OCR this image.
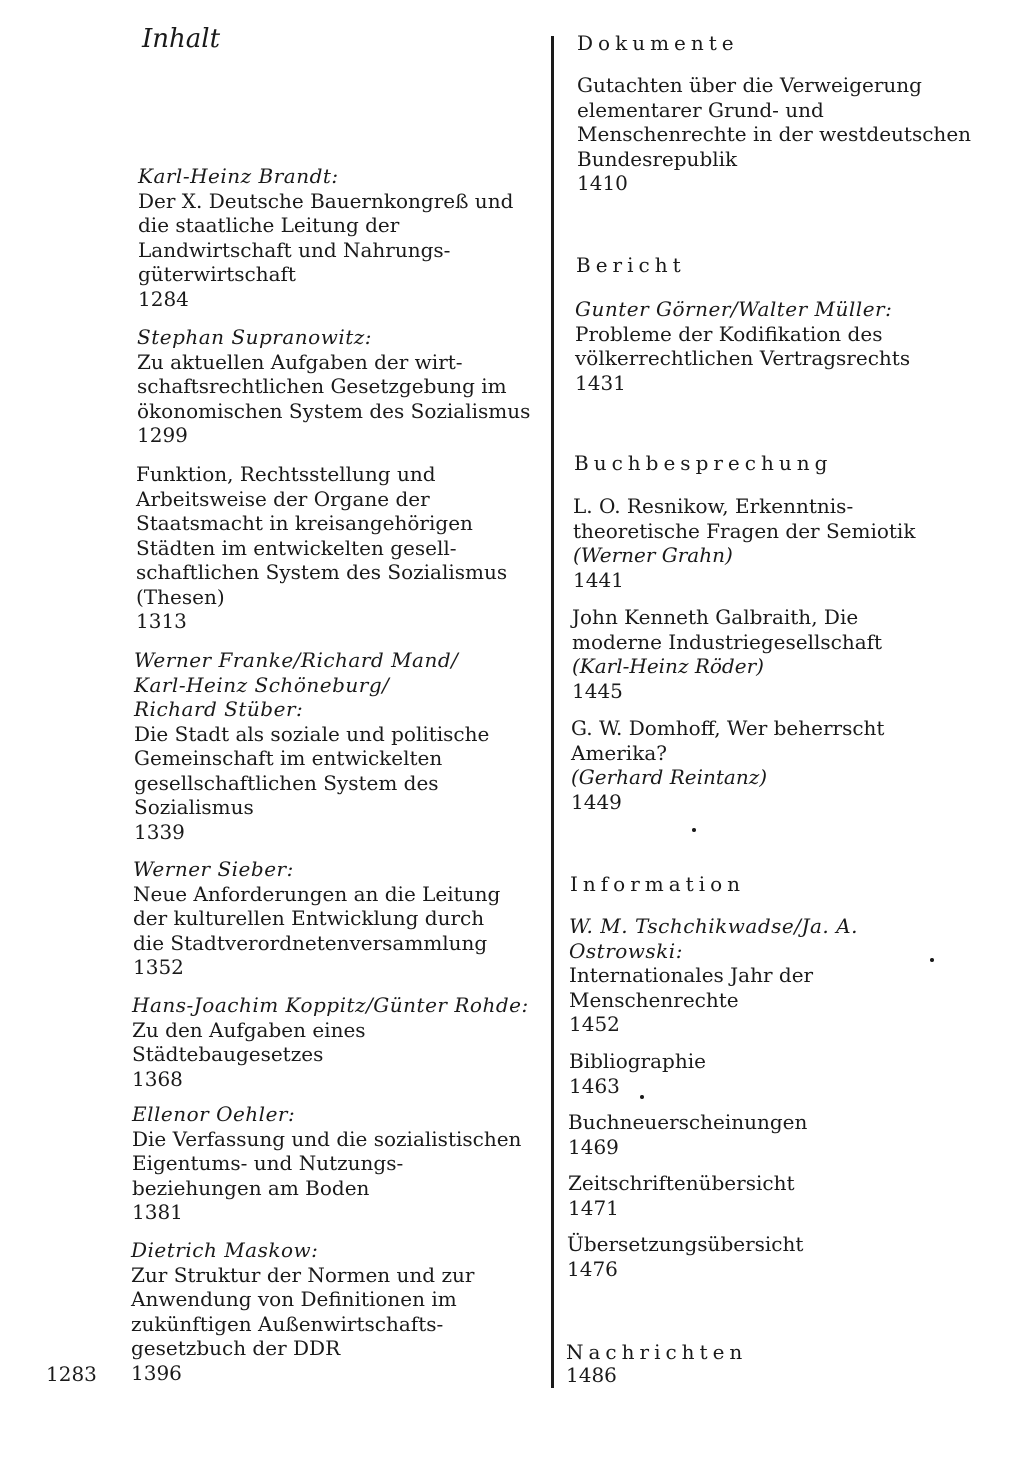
Inhalt
Karl-Heinz Brandt:
Der X. Deutsche Bauernkongreß und
die staatliche Leitung der
Landwirtschaft und Nahrungs-
güterwirtschaft
1284
Stephan Supranowitz:
Zu aktuellen Aufgaben der wirt-
schaftsrechtlichen Gesetzgebung im
ökonomischen System des Sozialismus
1299
Funktion, Rechtsstellung und
Arbeitsweise der Organe der
Staatsmacht in kreisangehörigen
Städten im entwickelten gesell-
schaftlichen System des Sozialismus
(Thesen)
1313
Werner Franke/Richard Mand/
Karl-Heinz Schöneburg/
Richard Stüber:
Die Stadt als soziale und politische
Gemeinschaft im entwickelten
gesellschaftlichen System des
Sozialismus
1339
Werner Sieber:
Neue Anforderungen an die Leitung
der kulturellen Entwicklung durch
die Stadtverordnetenversammlung
1352
Hans-Joachim Koppitz/Günter Rohde:
Zu den Aufgaben eines
Städtebaugesetzes
1368
Ellenor Oehler:
Die Verfassung und die sozialistischen
Eigentums- und Nutzungs-
beziehungen am Boden
1381
Dietrich Maskow:
Zur Struktur der Normen und zur
Anwendung von Definitionen im
zukünftigen Außenwirtschafts-
gesetzbuch der DDR
1396
1283
Dokumente
Gutachten über die Verweigerung
elementarer Grund- und
Menschenrechte in der westdeutschen
Bundesrepublik
1410
Bericht
Gunter Görner/Walter Müller:
Probleme der Kodifikation des
völkerrechtlichen Vertragsrechts
1431
Buchbesprechung
L. O. Resnikow, Erkenntnis-
theoretische Fragen der Semiotik
(Werner Grahn)
1441
John Kenneth Galbraith, Die
moderne Industriegesellschaft
(Karl-Heinz Röder)
1445
G. W. Domhoff, Wer beherrscht
Amerika?
(Gerhard Reintanz)
1449
Information
W. M. Tschchikwadse/Ja. A.
Ostrowski:
Internationales Jahr der
Menschenrechte
1452
Bibliographie
1463
Buchneuerscheinungen
1469
Zeitschriftenübersicht
1471
Übersetzungsübersicht
1476
Nachrichten
1486
